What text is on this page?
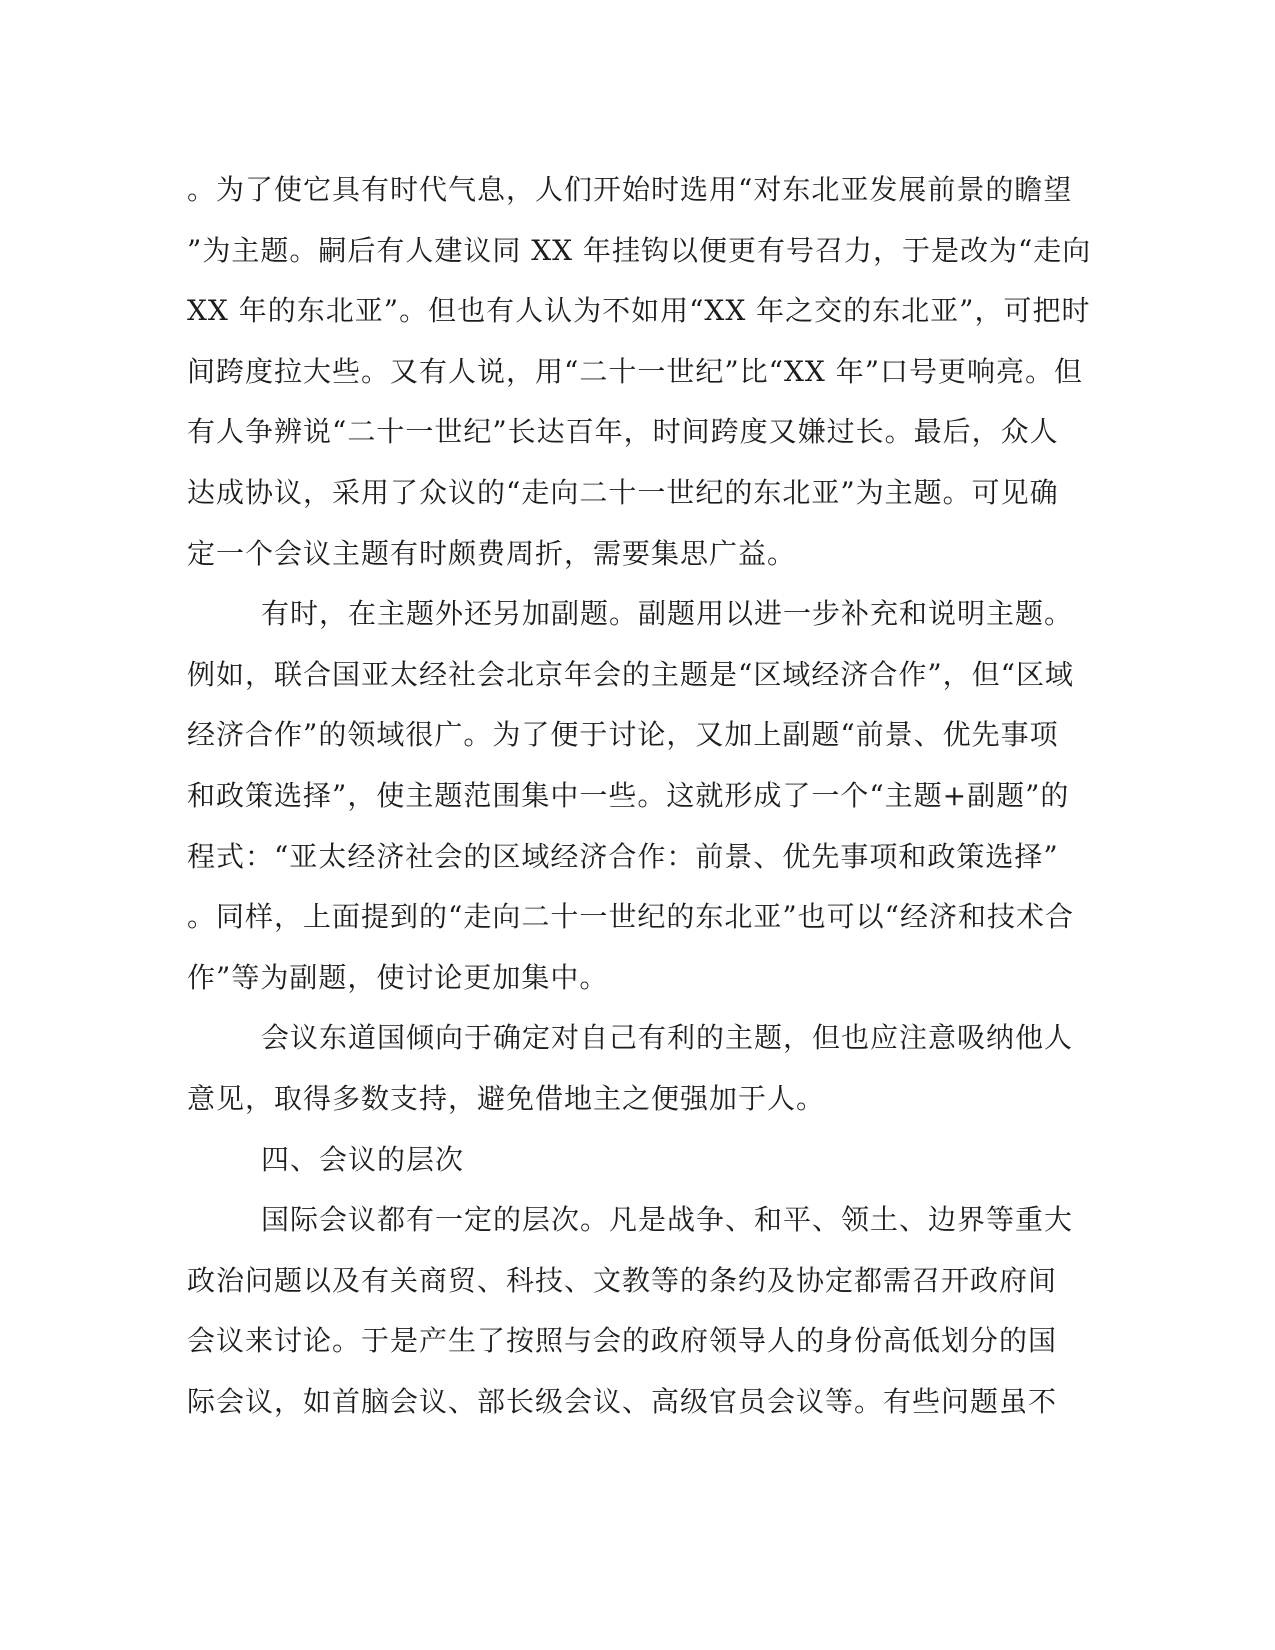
。为了使它具有时代气息，人们开始时选用“对东北亚发展前景的瞻望
”为主题。嗣后有人建议同 XX 年挂钩以便更有号召力，于是改为“走向
XX 年的东北亚”。但也有人认为不如用“XX 年之交的东北亚”，可把时
间跨度拉大些。又有人说，用“二十一世纪”比“XX 年”口号更响亮。但
有人争辨说“二十一世纪”长达百年，时间跨度又嫌过长。最后，众人
达成协议，采用了众议的“走向二十一世纪的东北亚”为主题。可见确
定一个会议主题有时颇费周折，需要集思广益。
有时，在主题外还另加副题。副题用以进一步补充和说明主题。
例如，联合国亚太经社会北京年会的主题是“区域经济合作”，但“区域
经济合作”的领域很广。为了便于讨论，又加上副题“前景、优先事项
和政策选择”，使主题范围集中一些。这就形成了一个“主题+副题”的
程式：“亚太经济社会的区域经济合作：前景、优先事项和政策选择”
。同样，上面提到的“走向二十一世纪的东北亚”也可以“经济和技术合
作”等为副题，使讨论更加集中。
会议东道国倾向于确定对自己有利的主题，但也应注意吸纳他人
意见，取得多数支持，避免借地主之便强加于人。
四、会议的层次
国际会议都有一定的层次。凡是战争、和平、领土、边界等重大
政治问题以及有关商贸、科技、文教等的条约及协定都需召开政府间
会议来讨论。于是产生了按照与会的政府领导人的身份高低划分的国
际会议，如首脑会议、部长级会议、高级官员会议等。有些问题虽不
